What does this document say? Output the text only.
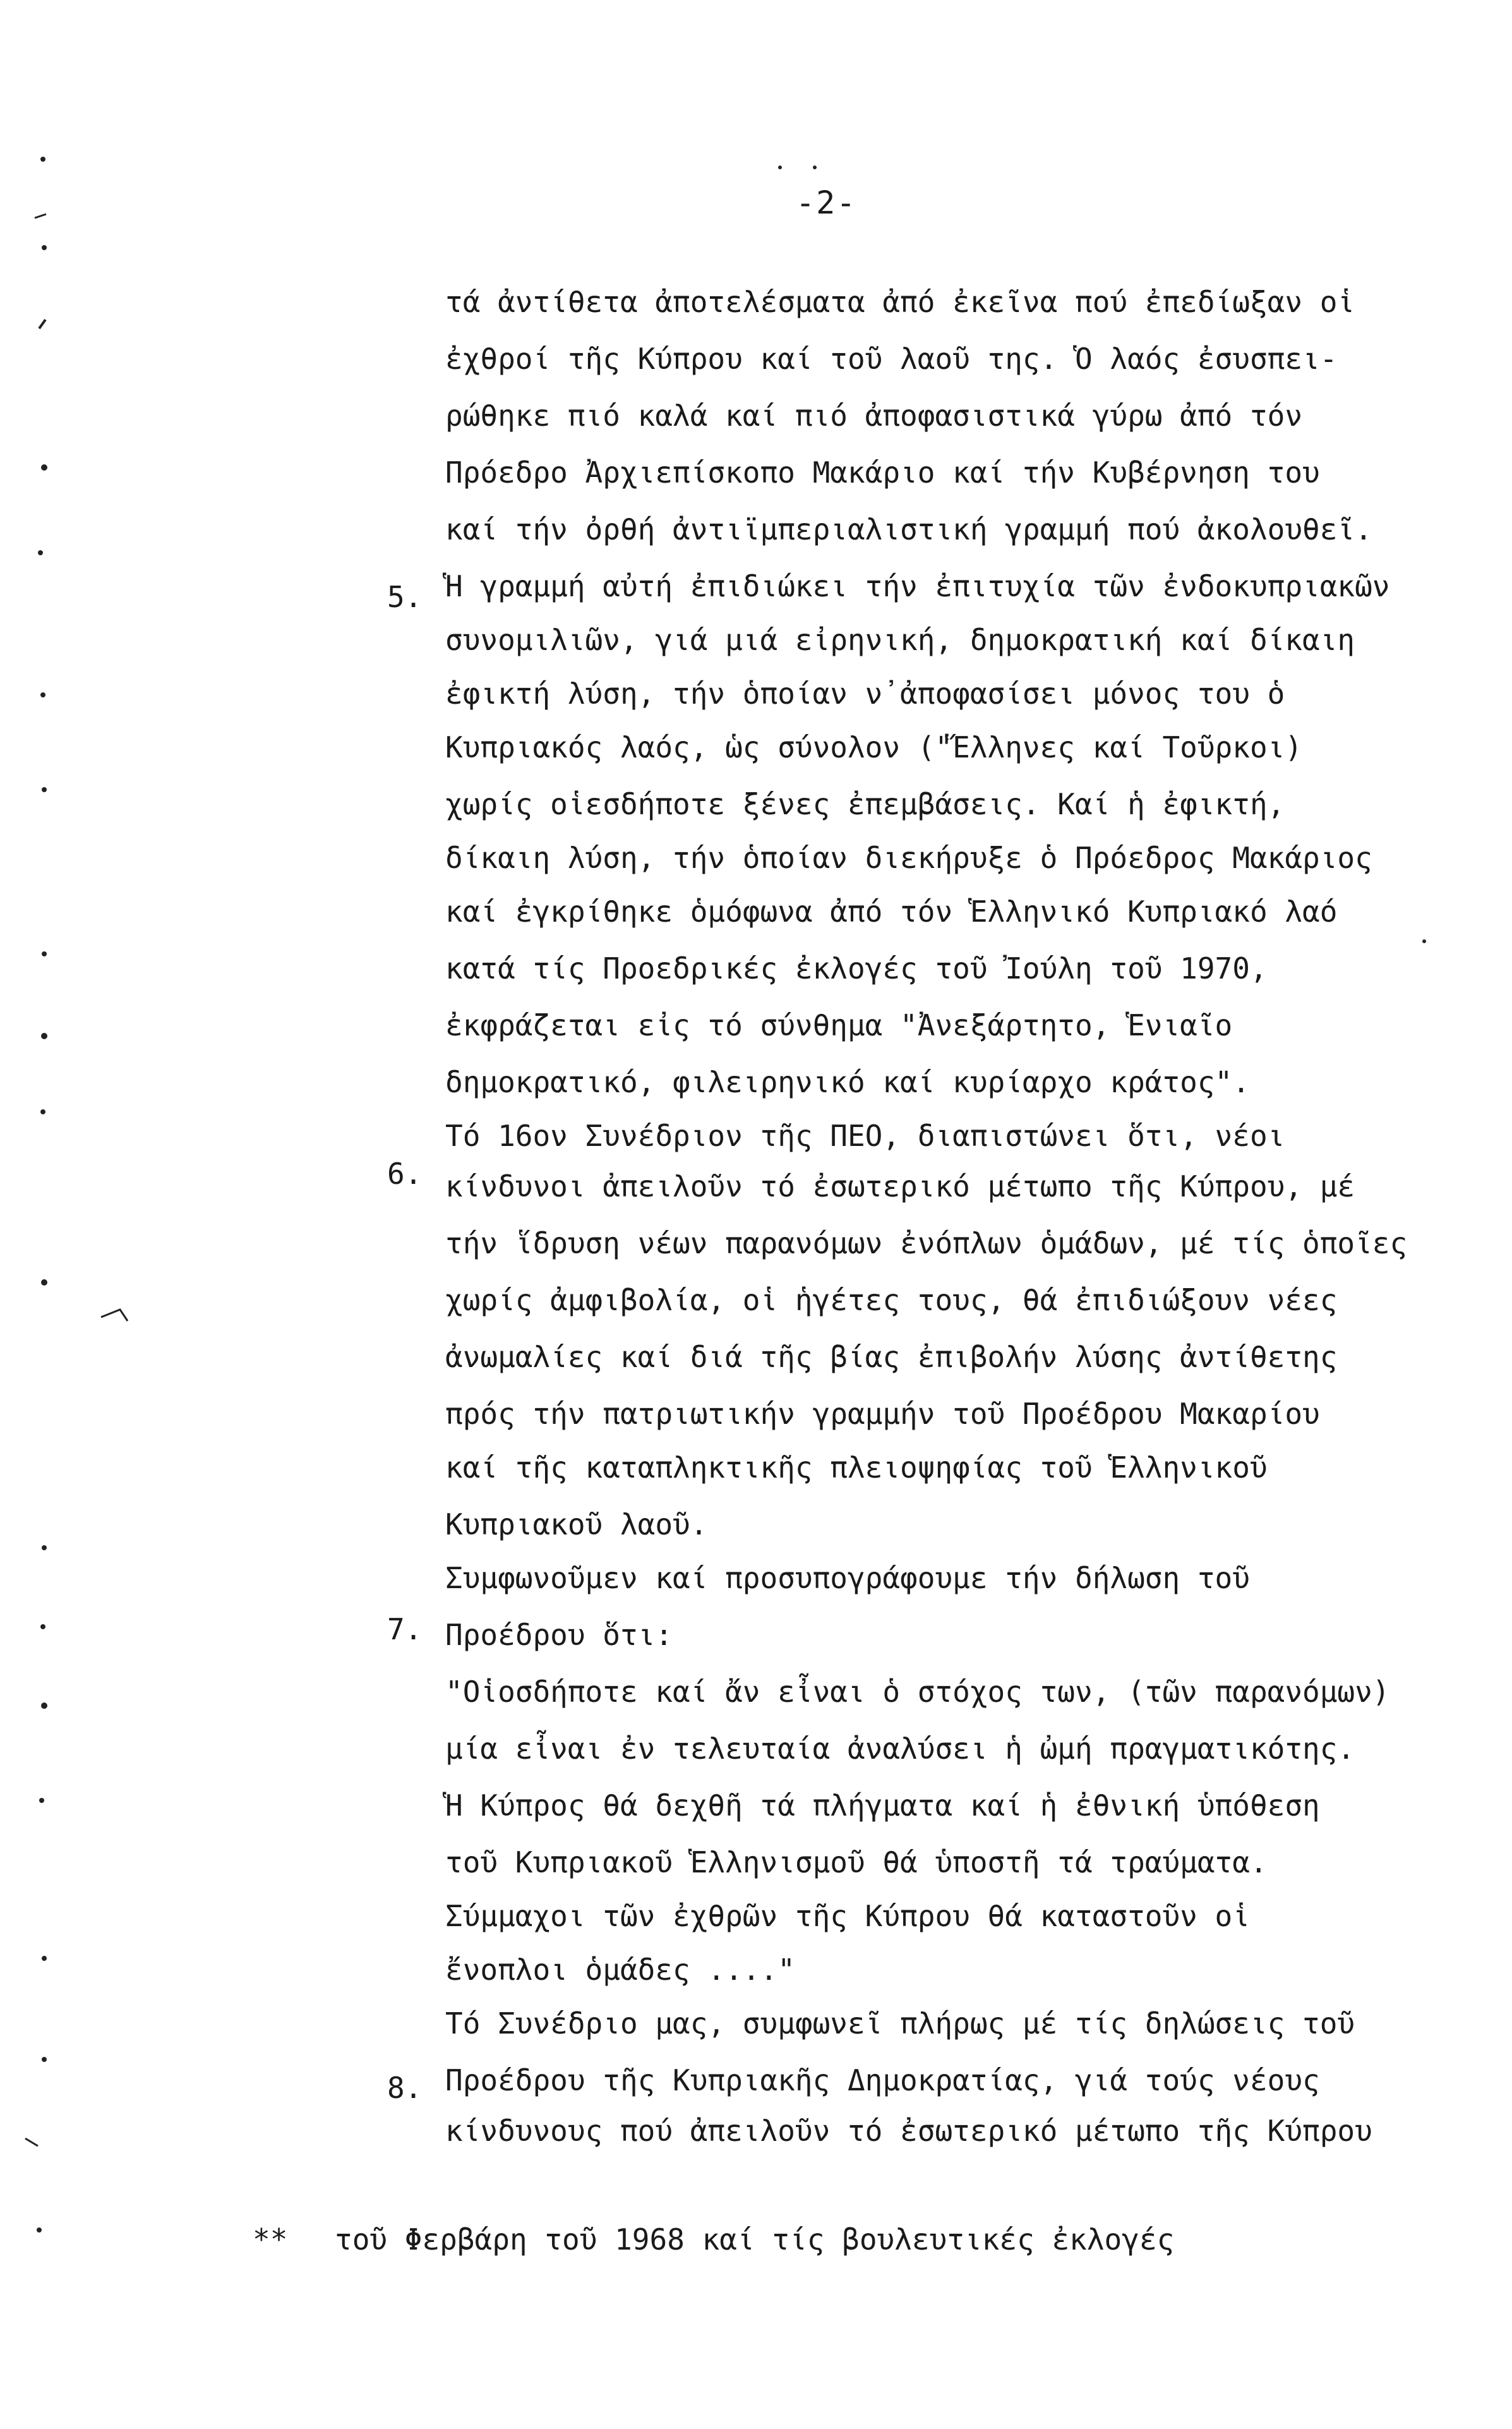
-2-
τά ἀντίθετα ἀποτελέσματα ἀπό ἐκεῖνα πού ἐπεδίωξαν οἱ
ἐχθροί τῆς Κύπρου καί τοῦ λαοῦ της. Ὁ λαός ἐσυσπει-
ρώθηκε πιό καλά καί πιό ἀποφασιστικά γύρω ἀπό τόν
Πρόεδρο Ἀρχιεπίσκοπο Μακάριο καί τήν Κυβέρνηση του
καί τήν ὀρθή ἀντιϊμπεριαλιστική γραμμή πού ἀκολουθεῖ.
Ἡ γραμμή αὐτή ἐπιδιώκει τήν ἐπιτυχία τῶν ἐνδοκυπριακῶν
συνομιλιῶν, γιά μιά εἰρηνική, δημοκρατική καί δίκαιη
ἐφικτή λύση, τήν ὁποίαν ν᾽ἀποφασίσει μόνος του ὁ
Κυπριακός λαός, ὡς σύνολον ("Ἕλληνες καί Τοῦρκοι)
χωρίς οἱεσδήποτε ξένες ἐπεμβάσεις. Καί ἡ ἐφικτή,
δίκαιη λύση, τήν ὁποίαν διεκήρυξε ὁ Πρόεδρος Μακάριος
καί ἐγκρίθηκε ὁμόφωνα ἀπό τόν Ἑλληνικό Κυπριακό λαό
κατά τίς Προεδρικές ἐκλογές τοῦ Ἰούλη τοῦ 1970,
ἐκφράζεται εἰς τό σύνθημα "Ἀνεξάρτητο, Ἑνιαῖο
δημοκρατικό, φιλειρηνικό καί κυρίαρχο κράτος".
Τό 16ον Συνέδριον τῆς ΠΕΟ, διαπιστώνει ὅτι, νέοι
κίνδυνοι ἀπειλοῦν τό ἐσωτερικό μέτωπο τῆς Κύπρου, μέ
τήν ἵδρυση νέων παρανόμων ἐνόπλων ὁμάδων, μέ τίς ὁποῖες
χωρίς ἀμφιβολία, οἱ ἡγέτες τους, θά ἐπιδιώξουν νέες
ἀνωμαλίες καί διά τῆς βίας ἐπιβολήν λύσης ἀντίθετης
πρός τήν πατριωτικήν γραμμήν τοῦ Προέδρου Μακαρίου
καί τῆς καταπληκτικῆς πλειοψηφίας τοῦ Ἑλληνικοῦ
Κυπριακοῦ λαοῦ.
Συμφωνοῦμεν καί προσυπογράφουμε τήν δήλωση τοῦ
Προέδρου ὅτι:
"Οἱοσδήποτε καί ἄν εἶναι ὁ στόχος των, (τῶν παρανόμων)
μία εἶναι ἐν τελευταία ἀναλύσει ἡ ὠμή πραγματικότης.
Ἡ Κύπρος θά δεχθῆ τά πλήγματα καί ἡ ἐθνική ὑπόθεση
τοῦ Κυπριακοῦ Ἑλληνισμοῦ θά ὑποστῆ τά τραύματα.
Σύμμαχοι τῶν ἐχθρῶν τῆς Κύπρου θά καταστοῦν οἱ
ἔνοπλοι ὁμάδες ...."
Τό Συνέδριο μας, συμφωνεῖ πλήρως μέ τίς δηλώσεις τοῦ
Προέδρου τῆς Κυπριακῆς Δημοκρατίας, γιά τούς νέους
κίνδυνους πού ἀπειλοῦν τό ἐσωτερικό μέτωπο τῆς Κύπρου
5.
6.
7.
8.
** τοῦ Φερβάρη τοῦ 1968 καί τίς βουλευτικές ἐκλογές
